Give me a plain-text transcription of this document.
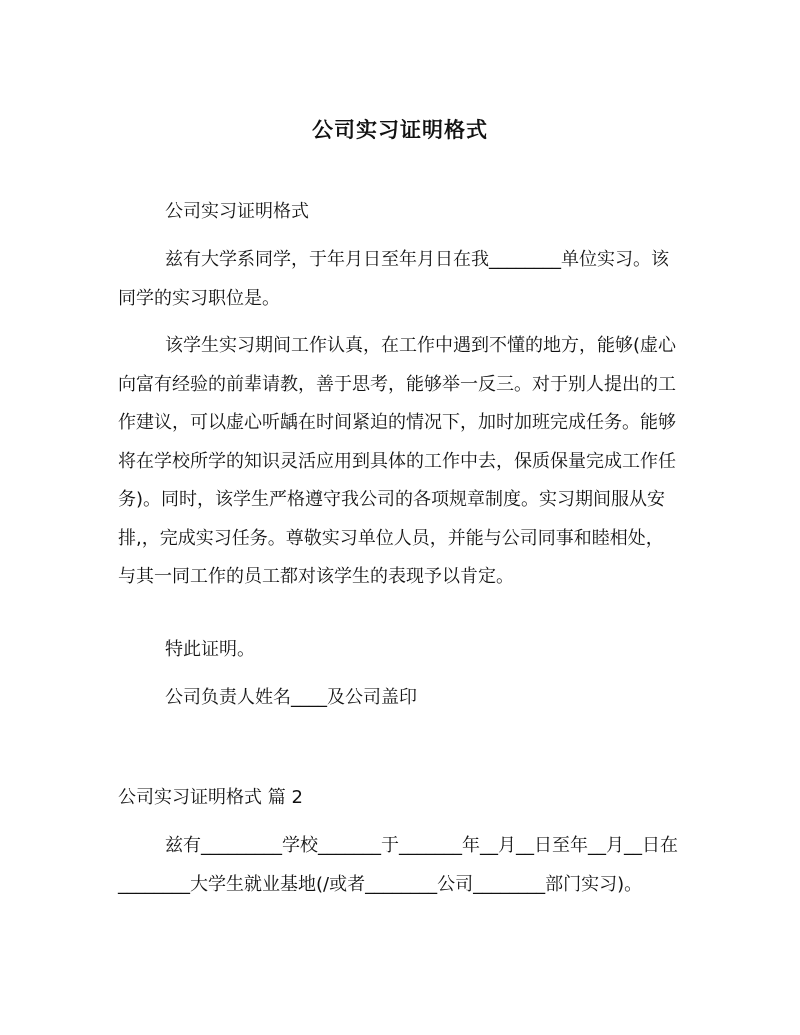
公司实习证明格式

公司实习证明格式

兹有大学系同学，于年月日至年月日在我________单位实习。该同学的实习职位是。

该学生实习期间工作认真，在工作中遇到不懂的地方，能够(虚心向富有经验的前辈请教，善于思考，能够举一反三。对于别人提出的工作建议，可以虚心听龋在时间紧迫的情况下，加时加班完成任务。能够将在学校所学的知识灵活应用到具体的工作中去，保质保量完成工作任务)。同时，该学生严格遵守我公司的各项规章制度。实习期间服从安排,，完成实习任务。尊敬实习单位人员，并能与公司同事和睦相处，与其一同工作的员工都对该学生的表现予以肯定。

特此证明。

公司负责人姓名____及公司盖印

公司实习证明格式 篇 2

兹有_________学校_______于_______年__月__日至年__月__日在________大学生就业基地(/或者________公司________部门实习)。
